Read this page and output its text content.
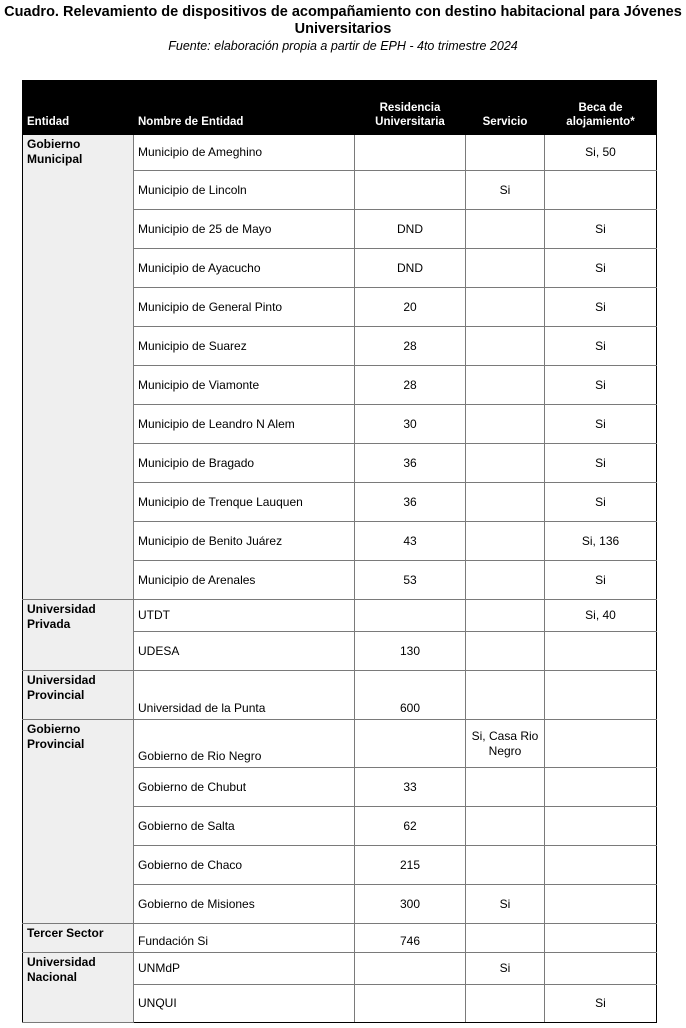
Cuadro. Relevamiento de dispositivos de acompañamiento con destino habitacional para Jóvenes Universitarios
Fuente: elaboración propia a partir de EPH - 4to trimestre 2024
Entidad	Nombre de Entidad	Residencia Universitaria	Servicio	Beca de alojamiento*
Gobierno Municipal	Municipio de Ameghino			Si, 50
	Municipio de Lincoln		Si	
	Municipio de 25 de Mayo	DND		Si
	Municipio de Ayacucho	DND		Si
	Municipio de General Pinto	20		Si
	Municipio de Suarez	28		Si
	Municipio de Viamonte	28		Si
	Municipio de Leandro N Alem	30		Si
	Municipio de Bragado	36		Si
	Municipio de Trenque Lauquen	36		Si
	Municipio de Benito Juárez	43		Si, 136
	Municipio de Arenales	53		Si
Universidad Privada	UTDT			Si, 40
	UDESA	130		
Universidad Provincial	Universidad de la Punta	600		
Gobierno Provincial	Gobierno de Rio Negro		Si, Casa Rio Negro	
	Gobierno de Chubut	33		
	Gobierno de Salta	62		
	Gobierno de Chaco	215		
	Gobierno de Misiones	300	Si	
Tercer Sector	Fundación Si	746		
Universidad Nacional	UNMdP		Si	
	UNQUI			Si
